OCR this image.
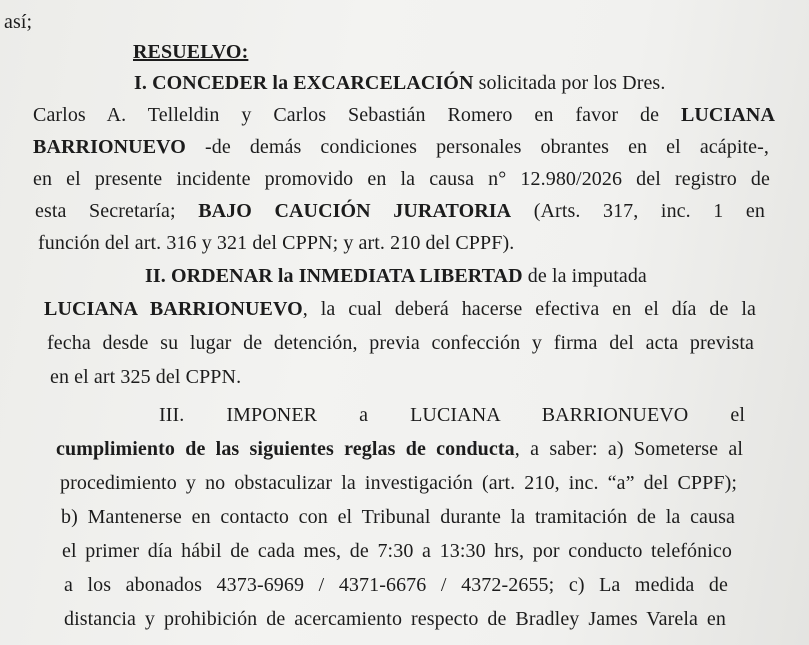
así;
RESUELVO:
I. CONCEDER la EXCARCELACIÓN solicitada por los Dres.
Carlos A. Telleldin y Carlos Sebastián Romero en favor de LUCIANA
BARRIONUEVO -de demás condiciones personales obrantes en el acápite-,
en el presente incidente promovido en la causa n° 12.980/2026 del registro de
esta Secretaría; BAJO CAUCIÓN JURATORIA (Arts. 317, inc. 1 en
función del art. 316 y 321 del CPPN; y art. 210 del CPPF).
II. ORDENAR la INMEDIATA LIBERTAD de la imputada
LUCIANA BARRIONUEVO, la cual deberá hacerse efectiva en el día de la
fecha desde su lugar de detención, previa confección y firma del acta prevista
en el art 325 del CPPN.
III. IMPONER a LUCIANA BARRIONUEVO el
cumplimiento de las siguientes reglas de conducta, a saber: a) Someterse al
procedimiento y no obstaculizar la investigación (art. 210, inc. “a” del CPPF);
b) Mantenerse en contacto con el Tribunal durante la tramitación de la causa
el primer día hábil de cada mes, de 7:30 a 13:30 hrs, por conducto telefónico
a los abonados 4373-6969 / 4371-6676 / 4372-2655; c) La medida de
distancia y prohibición de acercamiento respecto de Bradley James Varela en
